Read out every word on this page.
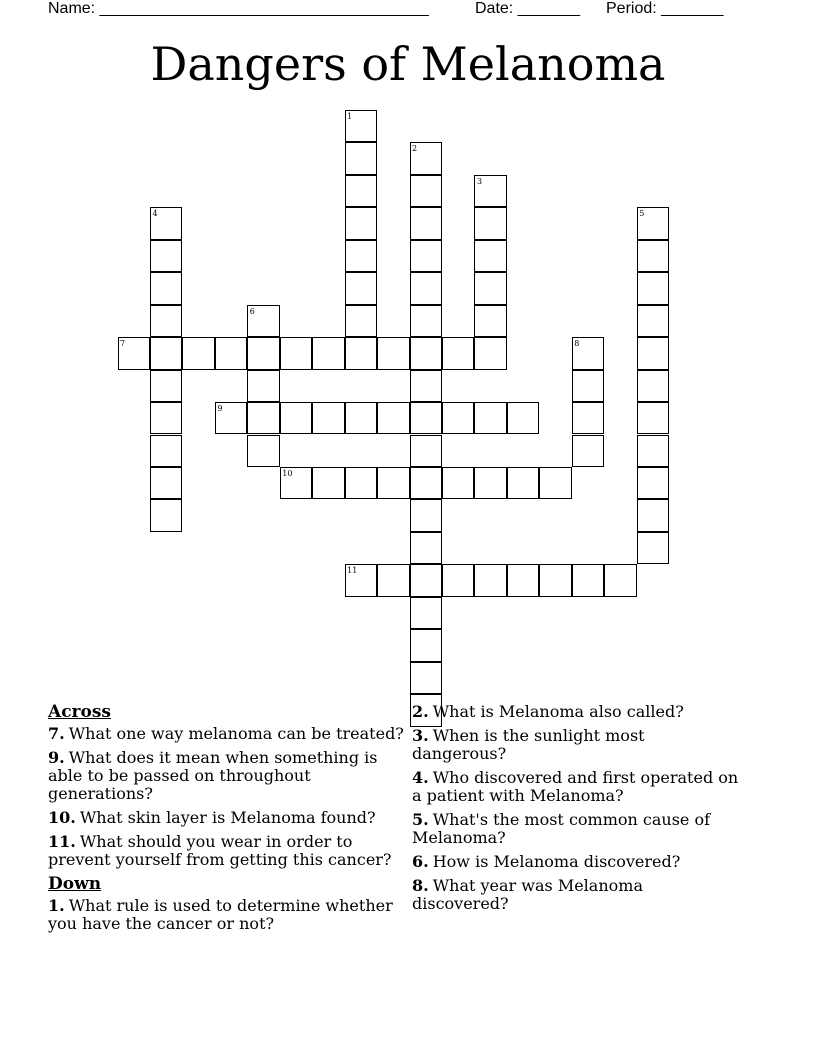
Name: _____________________________________

	Date: _______

Period: _______

Dangers of Melanoma
1
2
3
4	5
6
7	8
9
10
11
Across
7. What one way melanoma can be treated?
9. What does it mean when something is able to be passed on throughout generations?
10. What skin layer is Melanoma found?
11. What should you wear in order to prevent yourself from getting this cancer?
Down
1. What rule is used to determine whether you have the cancer or not?
2. What is Melanoma also called?
3. When is the sunlight most dangerous?
4. Who discovered and first operated on a patient with Melanoma?
5. What's the most common cause of Melanoma?
6. How is Melanoma discovered?
8. What year was Melanoma discovered?
